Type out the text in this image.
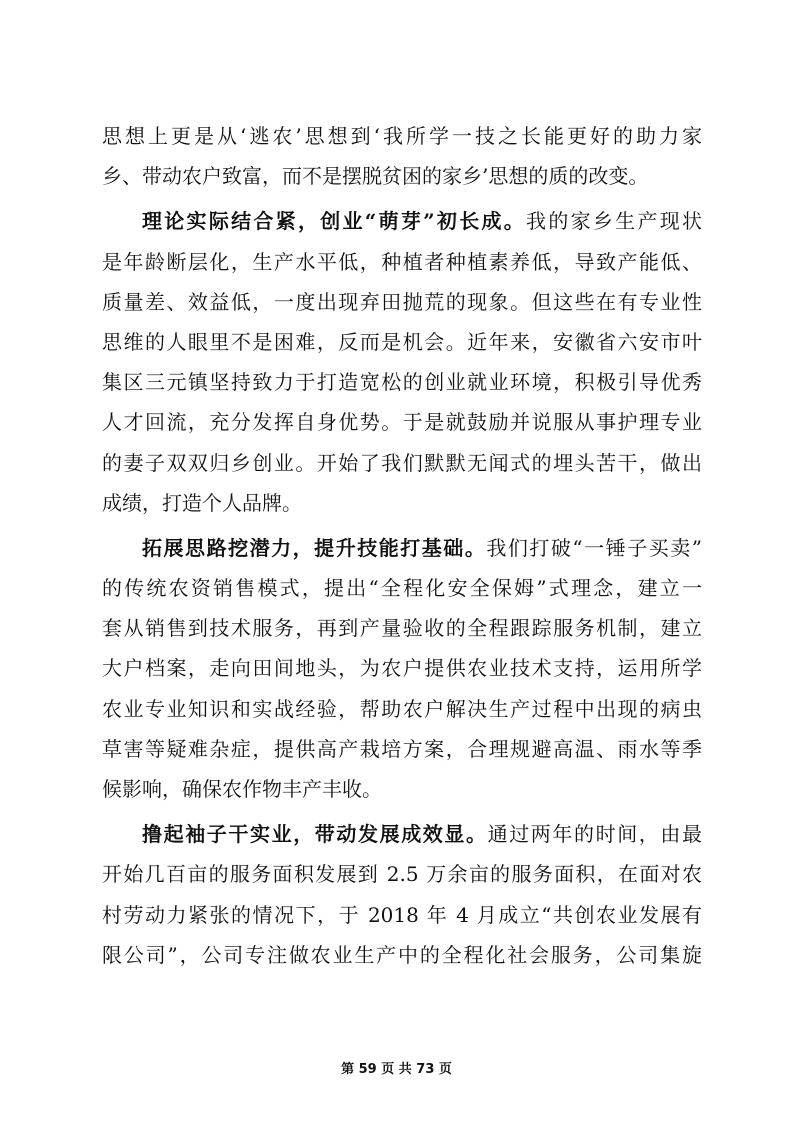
思想上更是从‘逃农’思想到‘我所学一技之长能更好的助力家
乡、带动农户致富，而不是摆脱贫困的家乡’思想的质的改变。
理论实际结合紧，创业“萌芽”初长成。我的家乡生产现状
是年龄断层化，生产水平低，种植者种植素养低，导致产能低、
质量差、效益低，一度出现弃田抛荒的现象。但这些在有专业性
思维的人眼里不是困难，反而是机会。近年来，安徽省六安市叶
集区三元镇坚持致力于打造宽松的创业就业环境，积极引导优秀
人才回流，充分发挥自身优势。于是就鼓励并说服从事护理专业
的妻子双双归乡创业。开始了我们默默无闻式的埋头苦干，做出
成绩，打造个人品牌。
拓展思路挖潜力，提升技能打基础。我们打破“一锤子买卖”
的传统农资销售模式，提出“全程化安全保姆”式理念，建立一
套从销售到技术服务，再到产量验收的全程跟踪服务机制，建立
大户档案，走向田间地头，为农户提供农业技术支持，运用所学
农业专业知识和实战经验，帮助农户解决生产过程中出现的病虫
草害等疑难杂症，提供高产栽培方案，合理规避高温、雨水等季
候影响，确保农作物丰产丰收。
撸起袖子干实业，带动发展成效显。通过两年的时间，由最
开始几百亩的服务面积发展到 2.5 万余亩的服务面积，在面对农
村劳动力紧张的情况下，于 2018 年 4 月成立“共创农业发展有
限公司”，公司专注做农业生产中的全程化社会服务，公司集旋
第 59 页 共 73 页
